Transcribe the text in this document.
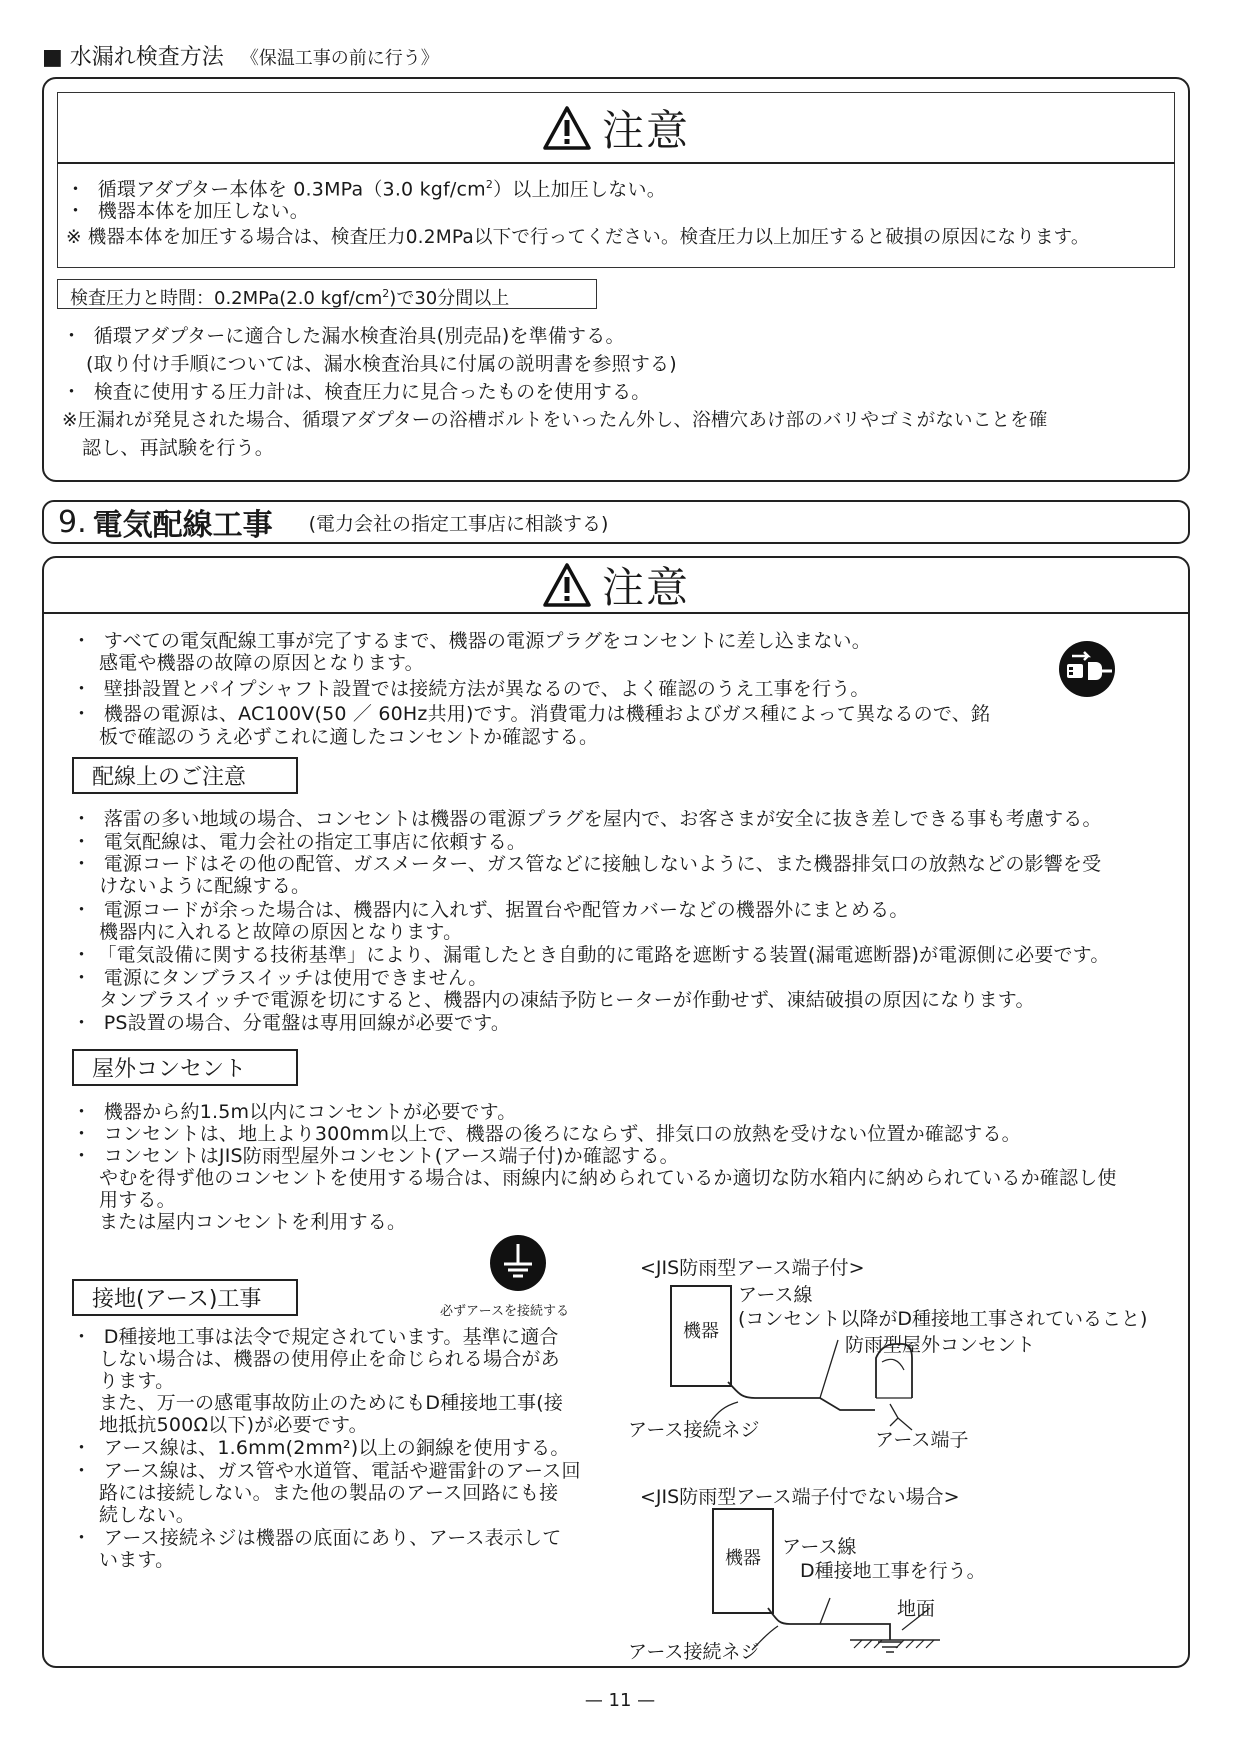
■ 水漏れ検査方法 《保温工事の前に行う》
注意
・ 循環アダプター本体を 0.3MPa（3.0 kgf/$cm^2$）以上加圧しない。
・ 機器本体を加圧しない。
※ 機器本体を加圧する場合は、検査圧力0.2MPa以下で行ってください。検査圧力以上加圧すると破損の原因になります。
検査圧力と時間：0.2MPa(2.0 kgf/$cm^2$)で30分間以上
・ 循環アダプターに適合した漏水検査治具(別売品)を準備する。
(取り付け手順については、漏水検査治具に付属の説明書を参照する)
・ 検査に使用する圧力計は、検査圧力に見合ったものを使用する。
※圧漏れが発見された場合、循環アダプターの浴槽ボルトをいったん外し、浴槽穴あけ部のバリやゴミがないことを確
認し、再試験を行う。
9. 電気配線工事 (電力会社の指定工事店に相談する)
注意
・  すべての電気配線工事が完了するまで、機器の電源プラグをコンセントに差し込まない。
感電や機器の故障の原因となります。
・  壁掛設置とパイプシャフト設置では接続方法が異なるので、よく確認のうえ工事を行う。
・  機器の電源は、AC100V(50 ／ 60Hz共用)です。消費電力は機種およびガス種によって異なるので、銘
板で確認のうえ必ずこれに適したコンセントか確認する。
配線上のご注意
・  落雷の多い地域の場合、コンセントは機器の電源プラグを屋内で、お客さまが安全に抜き差しできる事も考慮する。
・  電気配線は、電力会社の指定工事店に依頼する。
・  電源コードはその他の配管、ガスメーター、ガス管などに接触しないように、また機器排気口の放熱などの影響を受
けないように配線する。
・  電源コードが余った場合は、機器内に入れず、据置台や配管カバーなどの機器外にまとめる。
機器内に入れると故障の原因となります。
・ 「電気設備に関する技術基準」により、漏電したとき自動的に電路を遮断する装置(漏電遮断器)が電源側に必要です。
・  電源にタンブラスイッチは使用できません。
タンブラスイッチで電源を切にすると、機器内の凍結予防ヒーターが作動せず、凍結破損の原因になります。
・  PS設置の場合、分電盤は専用回線が必要です。
屋外コンセント
・  機器から約1.5m以内にコンセントが必要です。
・  コンセントは、地上より300mm以上で、機器の後ろにならず、排気口の放熱を受けない位置か確認する。
・  コンセントはJIS防雨型屋外コンセント(アース端子付)か確認する。
やむを得ず他のコンセントを使用する場合は、雨線内に納められているか適切な防水箱内に納められているか確認し使
用する。
または屋内コンセントを利用する。
必ずアースを接続する
接地(アース)工事
・  D種接地工事は法令で規定されています。基準に適合
しない場合は、機器の使用停止を命じられる場合があ
ります。
また、万一の感電事故防止のためにもD種接地工事(接
地抵抗500Ω以下)が必要です。
・  アース線は、1.6mm(2mm²)以上の銅線を使用する。
・  アース線は、ガス管や水道管、電話や避雷針のアース回
路には接続しない。また他の製品のアース回路にも接
続しない。
・  アース接続ネジは機器の底面にあり、アース表示して
います。
<JIS防雨型アース端子付>
機器
アース線
(コンセント以降がD種接地工事されていること)
防雨型屋外コンセント
アース接続ネジ	アース端子
<JIS防雨型アース端子付でない場合>
機器
アース線
D種接地工事を行う。
地面
アース接続ネジ
— 11 —
